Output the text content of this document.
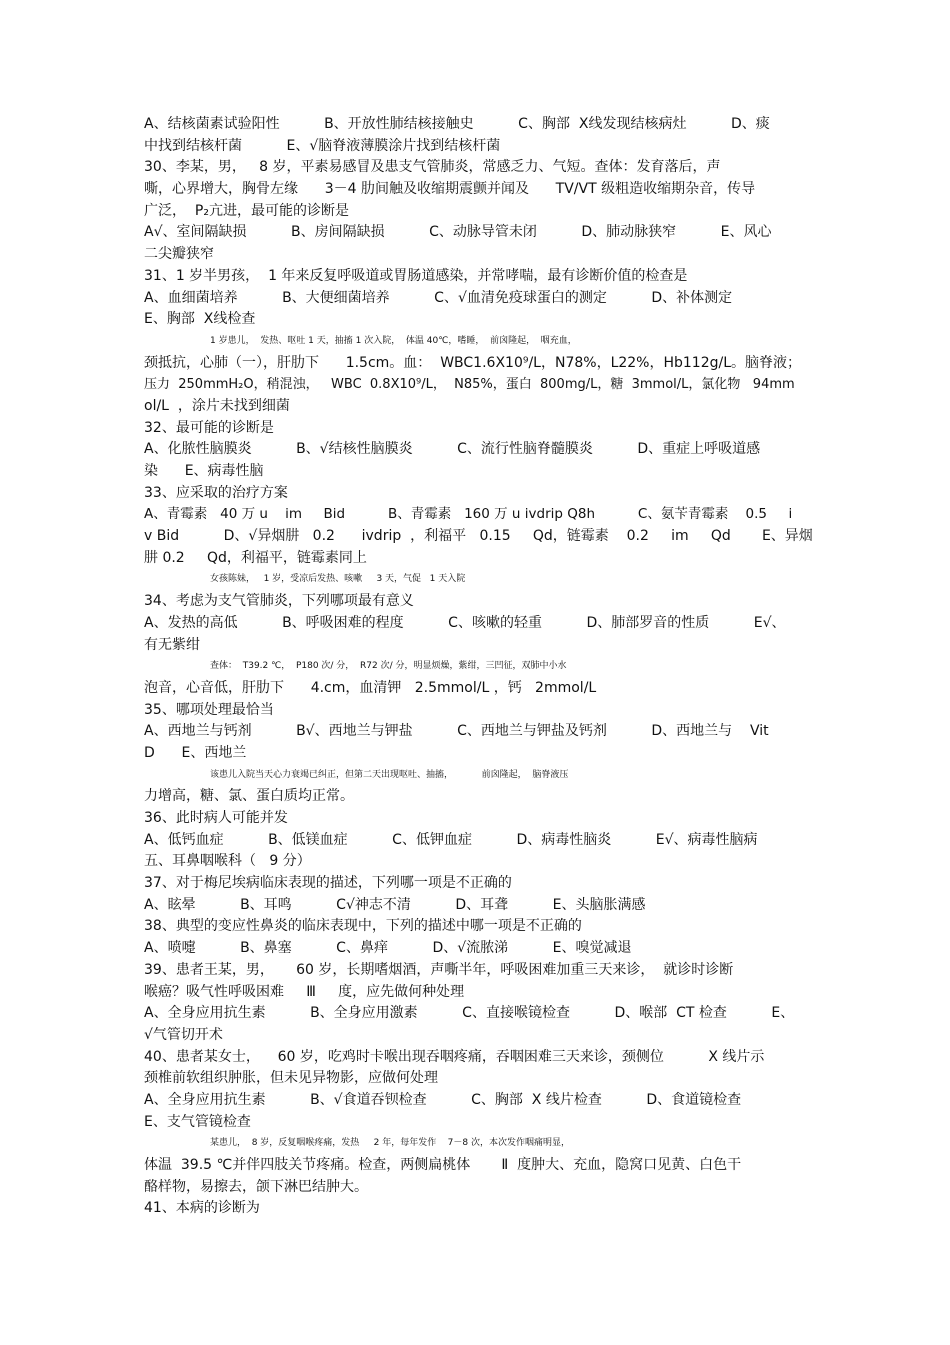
A、结核菌素试验阳性          B、开放性肺结核接触史          C、胸部  X线发现结核病灶          D、痰
中找到结核杆菌          E、√脑脊液薄膜涂片找到结核杆菌
30、李某，男，   8 岁，平素易感冒及患支气管肺炎，常感乏力、气短。查体：发育落后，声
嘶，心界增大，胸骨左缘      3－4 肋间触及收缩期震颤并闻及      TV/VT 级粗造收缩期杂音，传导
广泛，  P₂亢进，最可能的诊断是
A√、室间隔缺损          B、房间隔缺损          C、动脉导管未闭          D、肺动脉狭窄          E、风心
二尖瓣狭窄
31、1 岁半男孩，  1 年来反复呼吸道或胃肠道感染，并常哮喘，最有诊断价值的检查是
A、血细菌培养          B、大便细菌培养          C、√血清免疫球蛋白的测定          D、补体测定
E、胸部  X线检查
1 岁患儿，  发热、呕吐 1 天，抽搐 1 次入院，  体温 40℃，嗜睡，  前囟隆起，  咽充血，
颈抵抗，心肺（一），肝肋下      1.5cm。血：  WBC1.6X10⁹/L，N78%，L22%，Hb112g/L。脑脊液；
压力  250mmH₂O，稍混浊，   WBC  0.8X10⁹/L，  N85%，蛋白  800mg/L，糖  3mmol/L，氯化物   94mm
ol/L  ，涂片未找到细菌
32、最可能的诊断是
A、化脓性脑膜炎          B、√结核性脑膜炎          C、流行性脑脊髓膜炎          D、重症上呼吸道感
染      E、病毒性脑
33、应采取的治疗方案
A、青霉素   40 万 u    im     Bid          B、青霉素   160 万 u ivdrip Q8h          C、氨苄青霉素    0.5     i
v Bid          D、√异烟肼   0.2      ivdrip  ，利福平   0.15     Qd，链霉素    0.2     im     Qd       E、异烟
肼 0.2     Qd，利福平，链霉素同上
女孩陈妹，   1 岁，受凉后发热、咳嗽     3 天，气促   1 天入院
34、考虑为支气管肺炎，下列哪项最有意义
A、发热的高低          B、呼吸困难的程度          C、咳嗽的轻重          D、肺部罗音的性质          E√、
有无紫绀
查体：  T39.2 ℃，  P180 次/ 分，  R72 次/ 分，明显烦燥，紫绀，三凹征，双肺中小水
泡音，心音低，肝肋下      4.cm，血清钾   2.5mmol/L ，钙   2mmol/L
35、哪项处理最恰当
A、西地兰与钙剂          B√、西地兰与钾盐          C、西地兰与钾盐及钙剂          D、西地兰与    Vit
D      E、西地兰
该患儿入院当天心力衰竭已纠正，但第二天出现呕吐、抽搐，          前囟隆起，  脑脊液压
力增高，糖、氯、蛋白质均正常。
36、此时病人可能并发
A、低钙血症          B、低镁血症          C、低钾血症          D、病毒性脑炎          E√、病毒性脑病
五、耳鼻咽喉科（   9 分）
37、对于梅尼埃病临床表现的描述，下列哪一项是不正确的
A、眩晕          B、耳鸣          C√神志不清          D、耳聋          E、头脑胀满感
38、典型的变应性鼻炎的临床表现中，下列的描述中哪一项是不正确的
A、喷嚏          B、鼻塞          C、鼻痒          D、√流脓涕          E、嗅觉减退
39、患者王某，男，     60 岁，长期嗜烟酒，声嘶半年，呼吸困难加重三天来诊，  就诊时诊断
喉癌？吸气性呼吸困难     Ⅲ     度，应先做何种处理
A、全身应用抗生素          B、全身应用激素          C、直接喉镜检查          D、喉部  CT 检查          E、
√气管切开术
40、患者某女士，    60 岁，吃鸡时卡喉出现吞咽疼痛，吞咽困难三天来诊，颈侧位          X 线片示
颈椎前软组织肿胀，但未见异物影，应做何处理
A、全身应用抗生素          B、√食道吞钡检查          C、胸部  X 线片检查          D、食道镜检查
E、支气管镜检查
某患儿，  8 岁，反复咽喉疼痛，发热     2 年，每年发作    7－8 次，本次发作咽痛明显，
体温  39.5 ℃并伴四肢关节疼痛。检查，两侧扁桃体       Ⅱ  度肿大、充血，隐窝口见黄、白色干
酪样物，易擦去，颌下淋巴结肿大。
41、本病的诊断为
